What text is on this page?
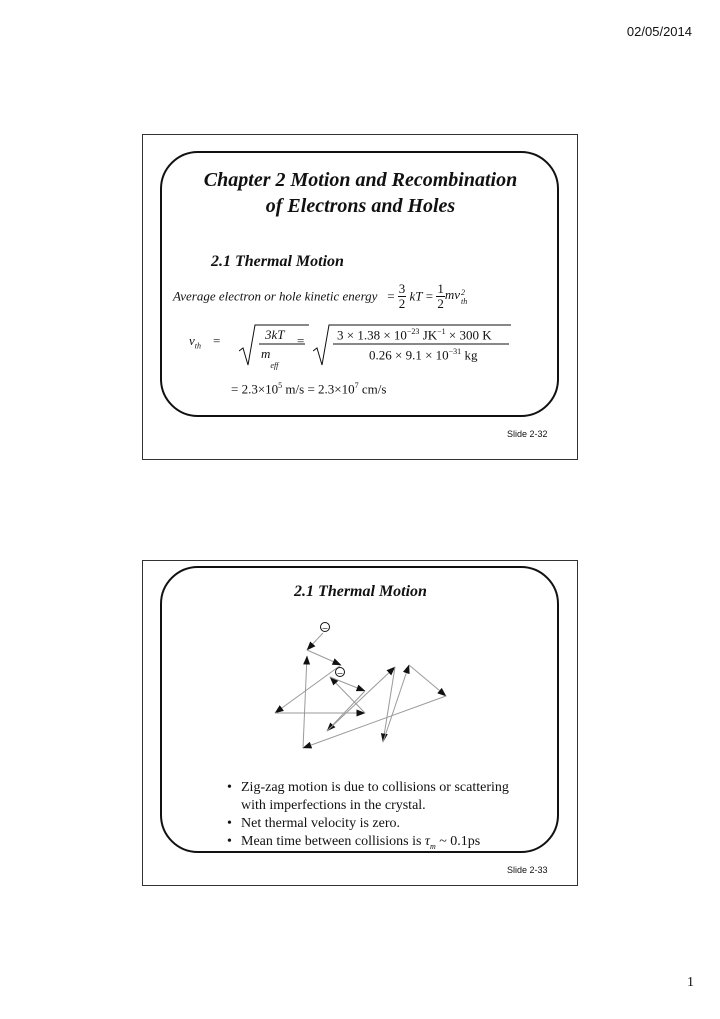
02/05/2014
1
Chapter 2 Motion and Recombination
of Electrons and Holes
2.1 Thermal Motion
Average electron or hole kinetic energy = $\frac{3}{2}$ kT = $\frac{1}{2}$ mv 2
th
$v_{th}$ =	3kT
$m_{eff}$
=	$3 \times 1.38 \times 10^{-23}$ $JK^{-1} \times 300$ K
$0.26 \times 9.1 \times 10^{-31}$ kg
= $2.3\times 10^5$ $m/s = 2.3\times 10^7$ cm/s
Slide 2-32
2.1 Thermal Motion
–
–
• Zig-zag motion is due to collisions or scattering
with imperfections in the crystal.
• Net thermal velocity is zero.
• Mean time between collisions is $\tau_m$ ~ 0.1ps
Slide 2-33
